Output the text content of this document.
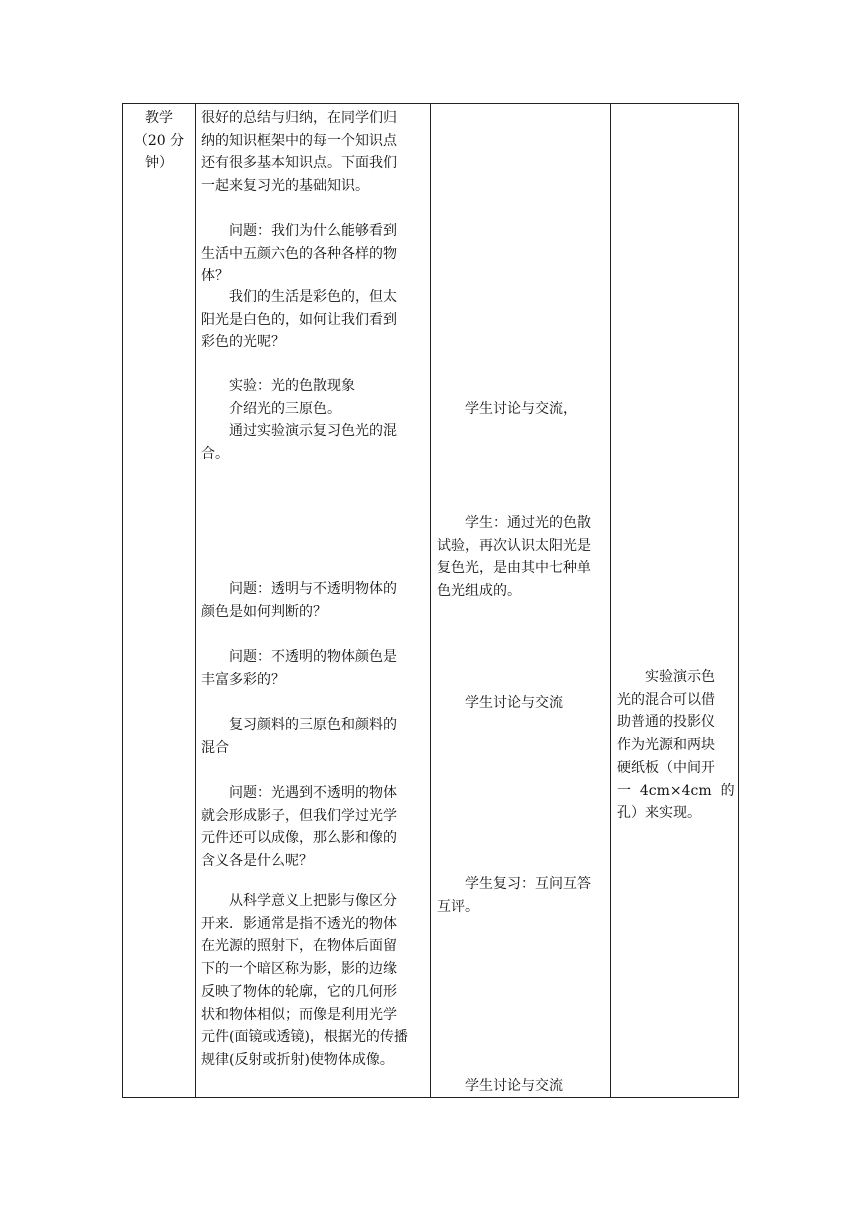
教学
（20 分
钟）
很好的总结与归纳，在同学们归
纳的知识框架中的每一个知识点
还有很多基本知识点。下面我们
一起来复习光的基础知识。
问题：我们为什么能够看到
生活中五颜六色的各种各样的物
体？
我们的生活是彩色的，但太
阳光是白色的，如何让我们看到
彩色的光呢？
实验：光的色散现象
介绍光的三原色。
通过实验演示复习色光的混
合。
问题：透明与不透明物体的
颜色是如何判断的？
问题：不透明的物体颜色是
丰富多彩的？
复习颜料的三原色和颜料的
混合
问题：光遇到不透明的物体
就会形成影子，但我们学过光学
元件还可以成像，那么影和像的
含义各是什么呢？
从科学意义上把影与像区分
开来．影通常是指不透光的物体
在光源的照射下，在物体后面留
下的一个暗区称为影，影的边缘
反映了物体的轮廓，它的几何形
状和物体相似；而像是利用光学
元件(面镜或透镜)，根据光的传播
规律(反射或折射)使物体成像。
学生讨论与交流，
学生：通过光的色散
试验，再次认识太阳光是
复色光，是由其中七种单
色光组成的。
学生讨论与交流
学生复习：互问互答
互评。
学生讨论与交流
实验演示色
光的混合可以借
助普通的投影仪
作为光源和两块
硬纸板（中间开
一  4cm×4cm  的
孔）来实现。
